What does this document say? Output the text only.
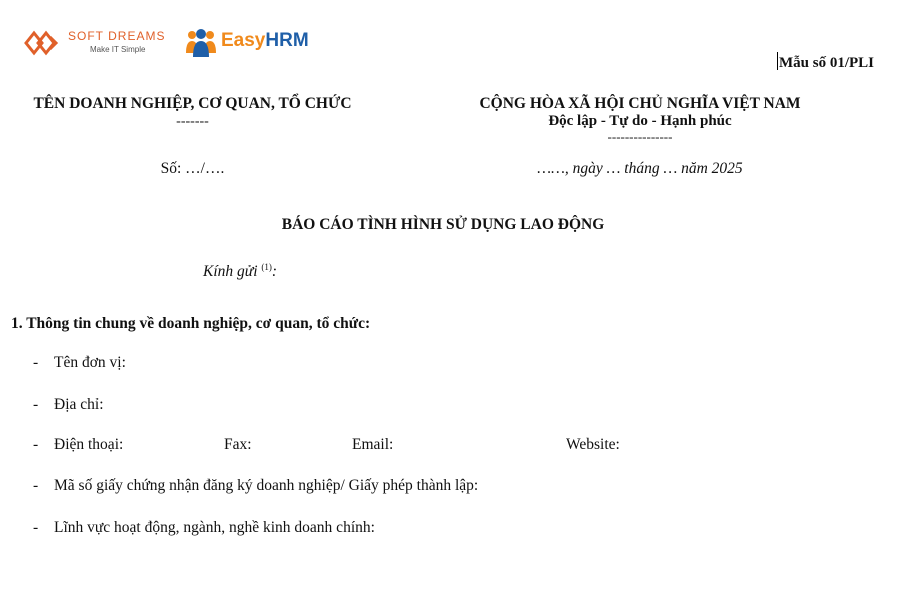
SOFT DREAMS
Make IT Simple	EasyHRM
Mẫu số 01/PLI
TÊN DOANH NGHIỆP, CƠ QUAN, TỔ CHỨC
-------
CỘNG HÒA XÃ HỘI CHỦ NGHĨA VIỆT NAM
Độc lập - Tự do - Hạnh phúc
---------------
Số: …/….	……, ngày … tháng … năm 2025
BÁO CÁO TÌNH HÌNH SỬ DỤNG LAO ĐỘNG
Kính gửi $^{(1)}$:
1. Thông tin chung về doanh nghiệp, cơ quan, tổ chức:
- Tên đơn vị:
- Địa chỉ:
-	Điện thoại:	Fax:	Email:	Website:
- Mã số giấy chứng nhận đăng ký doanh nghiệp/ Giấy phép thành lập:
- Lĩnh vực hoạt động, ngành, nghề kinh doanh chính:
